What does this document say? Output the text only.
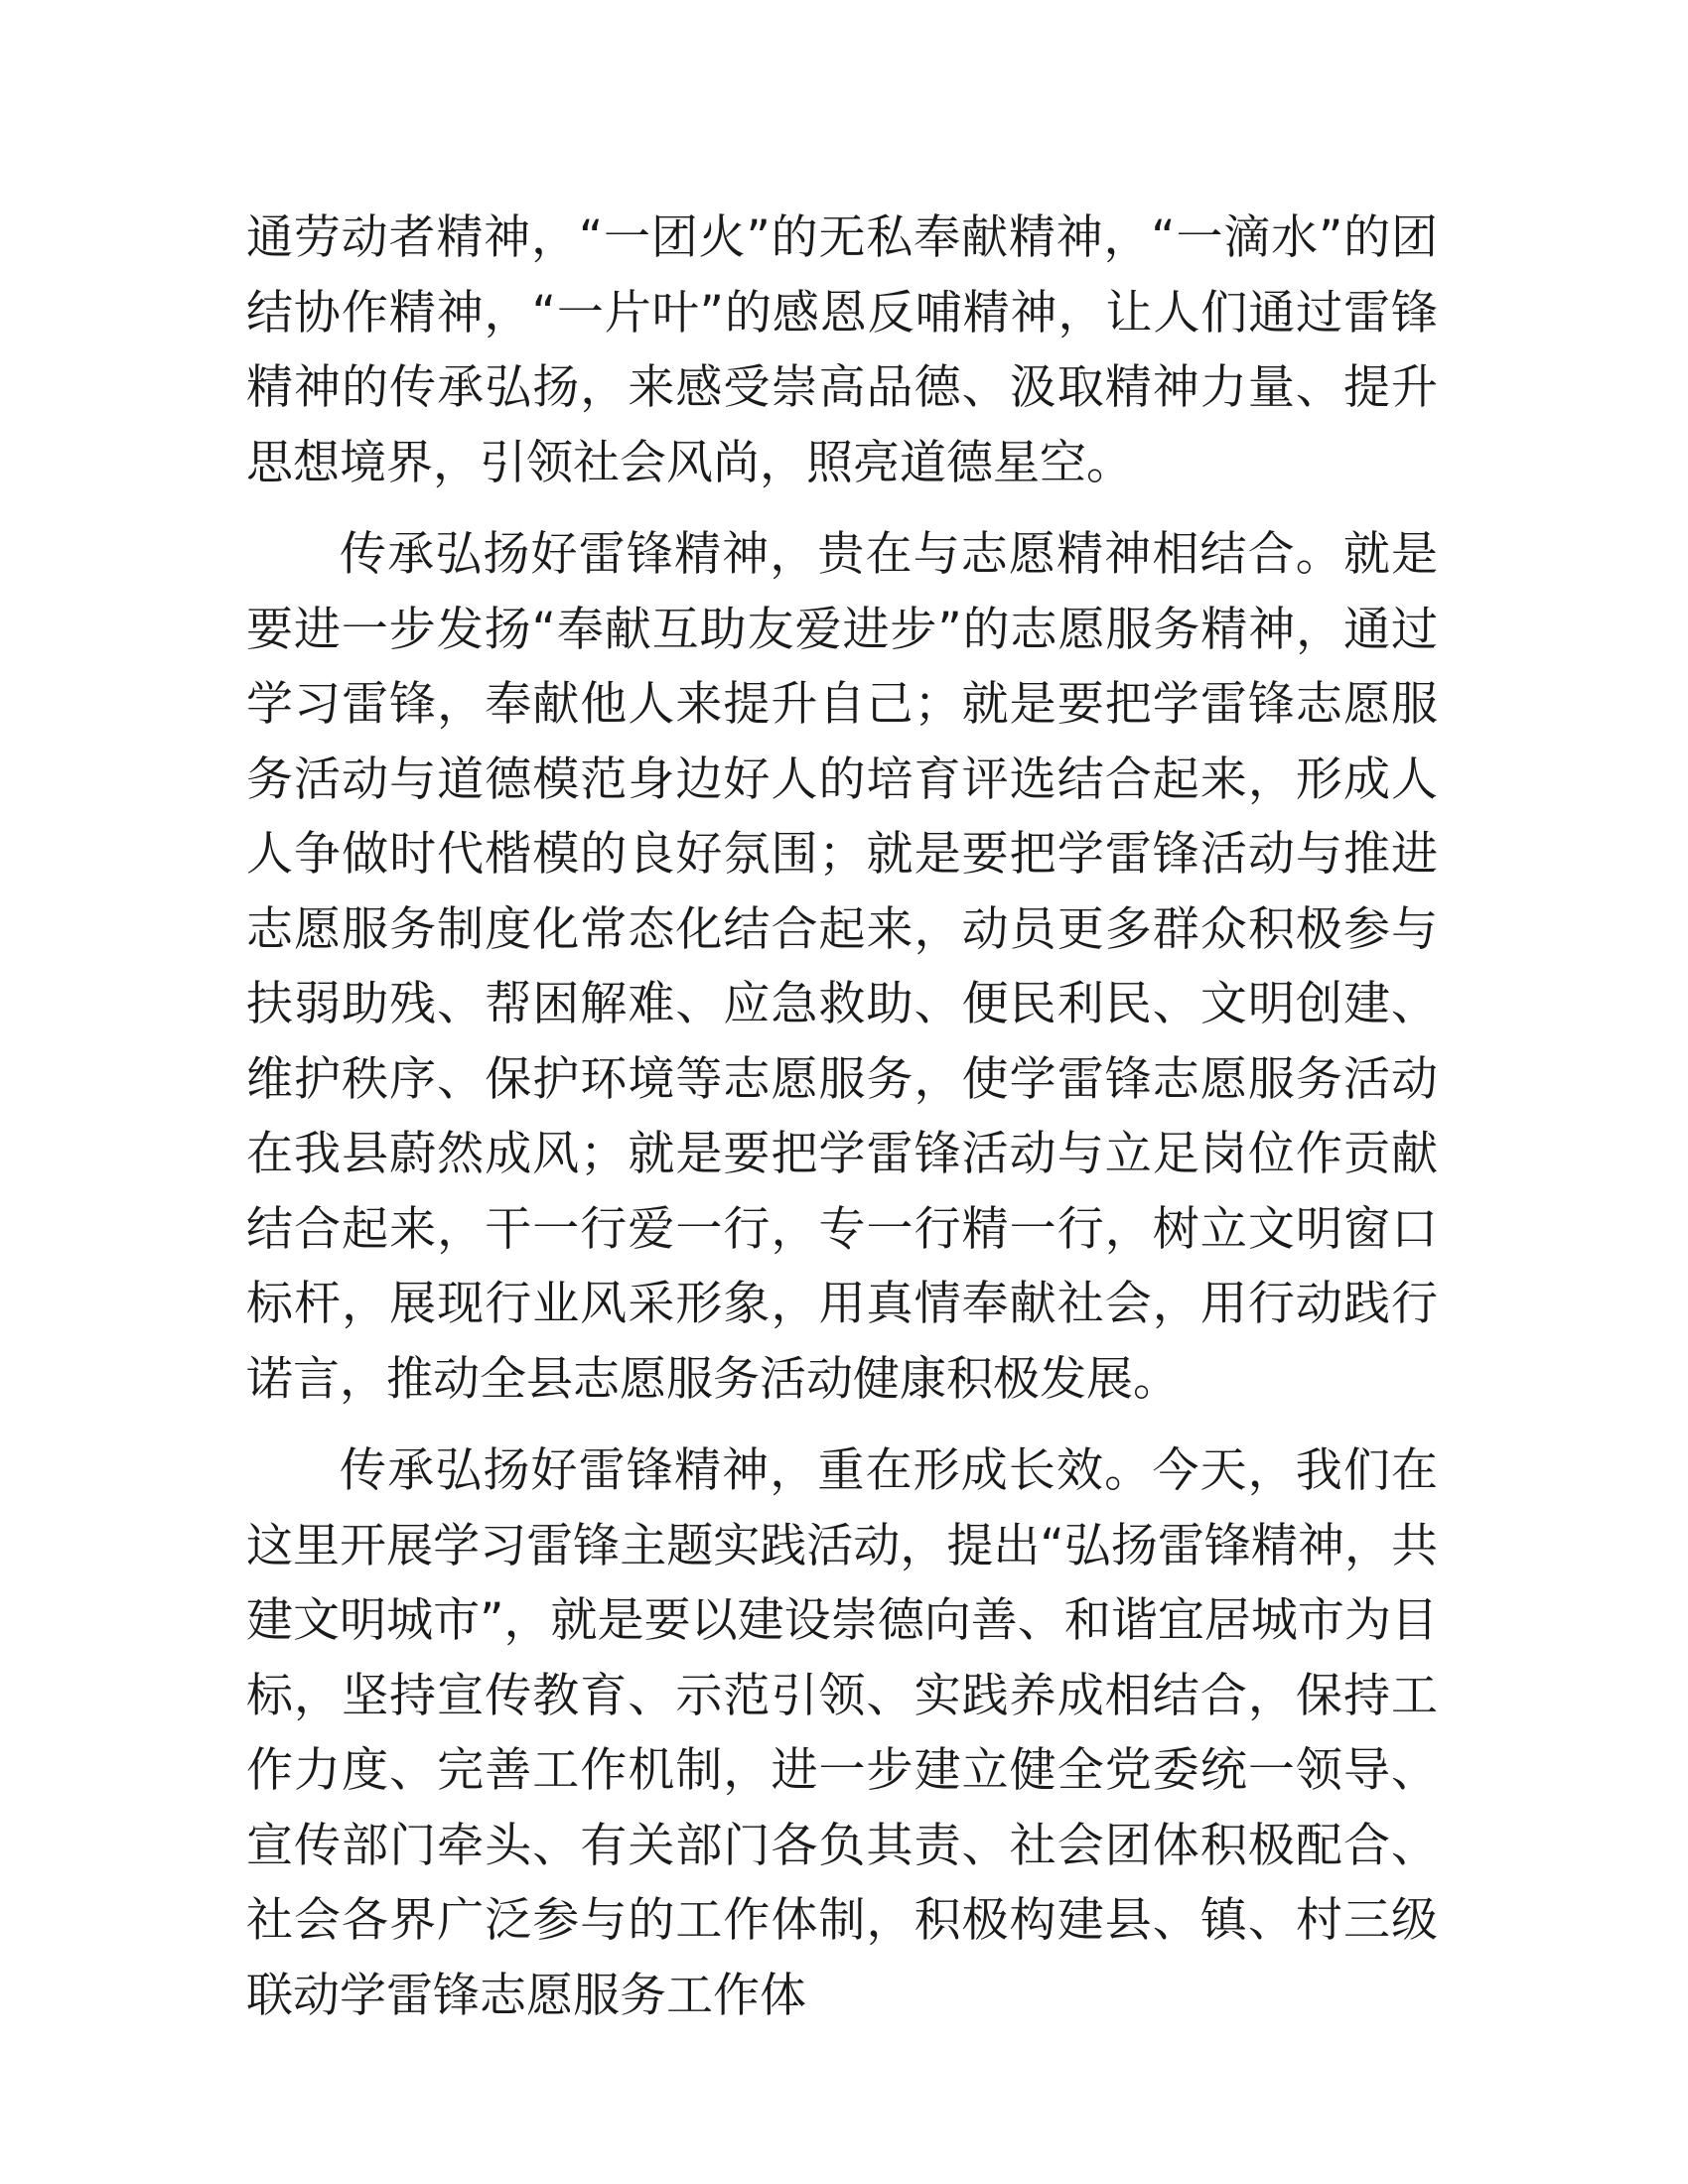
通劳动者精神，“一团火”的无私奉献精神，“一滴水”的团结协作精神，“一片叶”的感恩反哺精神，让人们通过雷锋精神的传承弘扬，来感受崇高品德、汲取精神力量、提升思想境界，引领社会风尚，照亮道德星空。

传承弘扬好雷锋精神，贵在与志愿精神相结合。就是要进一步发扬“奉献互助友爱进步”的志愿服务精神，通过学习雷锋，奉献他人来提升自己；就是要把学雷锋志愿服务活动与道德模范身边好人的培育评选结合起来，形成人人争做时代楷模的良好氛围；就是要把学雷锋活动与推进志愿服务制度化常态化结合起来，动员更多群众积极参与扶弱助残、帮困解难、应急救助、便民利民、文明创建、维护秩序、保护环境等志愿服务，使学雷锋志愿服务活动在我县蔚然成风；就是要把学雷锋活动与立足岗位作贡献结合起来，干一行爱一行，专一行精一行，树立文明窗口标杆，展现行业风采形象，用真情奉献社会，用行动践行诺言，推动全县志愿服务活动健康积极发展。

传承弘扬好雷锋精神，重在形成长效。今天，我们在这里开展学习雷锋主题实践活动，提出“弘扬雷锋精神，共建文明城市”，就是要以建设崇德向善、和谐宜居城市为目标，坚持宣传教育、示范引领、实践养成相结合，保持工作力度、完善工作机制，进一步建立健全党委统一领导、宣传部门牵头、有关部门各负其责、社会团体积极配合、社会各界广泛参与的工作体制，积极构建县、镇、村三级联动学雷锋志愿服务工作体
